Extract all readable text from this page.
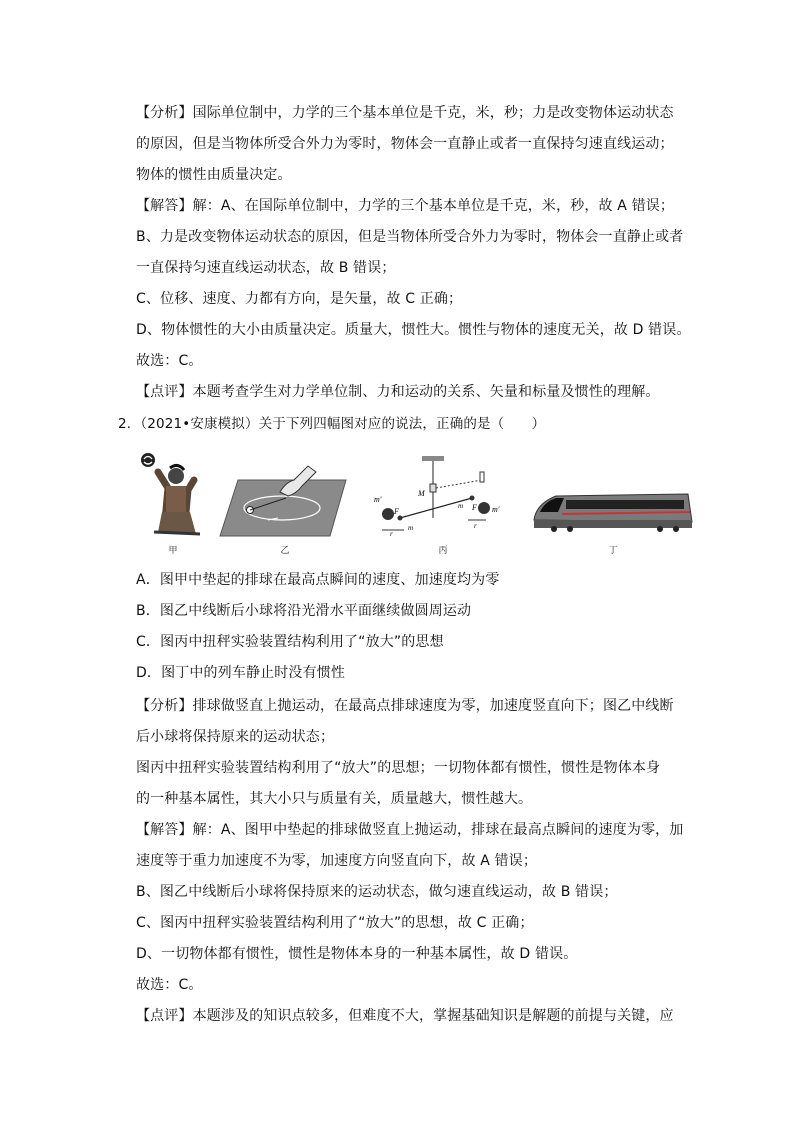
【分析】国际单位制中，力学的三个基本单位是千克，米，秒；力是改变物体运动状态
的原因，但是当物体所受合外力为零时，物体会一直静止或者一直保持匀速直线运动；
物体的惯性由质量决定。
【解答】解：A、在国际单位制中，力学的三个基本单位是千克，米，秒，故 A 错误；
B、力是改变物体运动状态的原因，但是当物体所受合外力为零时，物体会一直静止或者
一直保持匀速直线运动状态，故 B 错误；
C、位移、速度、力都有方向，是矢量，故 C 正确；
D、物体惯性的大小由质量决定。质量大，惯性大。惯性与物体的速度无关，故 D 错误。
故选：C。
【点评】本题考查学生对力学单位制、力和运动的关系、矢量和标量及惯性的理解。
2．（2021•安康模拟）关于下列四幅图对应的说法，正确的是（　　）
甲	乙
m′
M
F
m
r
m F m′
r
丙	丁
A．图甲中垫起的排球在最高点瞬间的速度、加速度均为零
B．图乙中线断后小球将沿光滑水平面继续做圆周运动
C．图丙中扭秤实验装置结构利用了“放大”的思想
D．图丁中的列车静止时没有惯性
【分析】排球做竖直上抛运动，在最高点排球速度为零，加速度竖直向下；图乙中线断
后小球将保持原来的运动状态；
图丙中扭秤实验装置结构利用了“放大”的思想；一切物体都有惯性，惯性是物体本身
的一种基本属性，其大小只与质量有关，质量越大，惯性越大。
【解答】解：A、图甲中垫起的排球做竖直上抛运动，排球在最高点瞬间的速度为零，加
速度等于重力加速度不为零，加速度方向竖直向下，故 A 错误；
B、图乙中线断后小球将保持原来的运动状态，做匀速直线运动，故 B 错误；
C、图丙中扭秤实验装置结构利用了“放大”的思想，故 C 正确；
D、一切物体都有惯性，惯性是物体本身的一种基本属性，故 D 错误。
故选：C。
【点评】本题涉及的知识点较多，但难度不大，掌握基础知识是解题的前提与关键，应
